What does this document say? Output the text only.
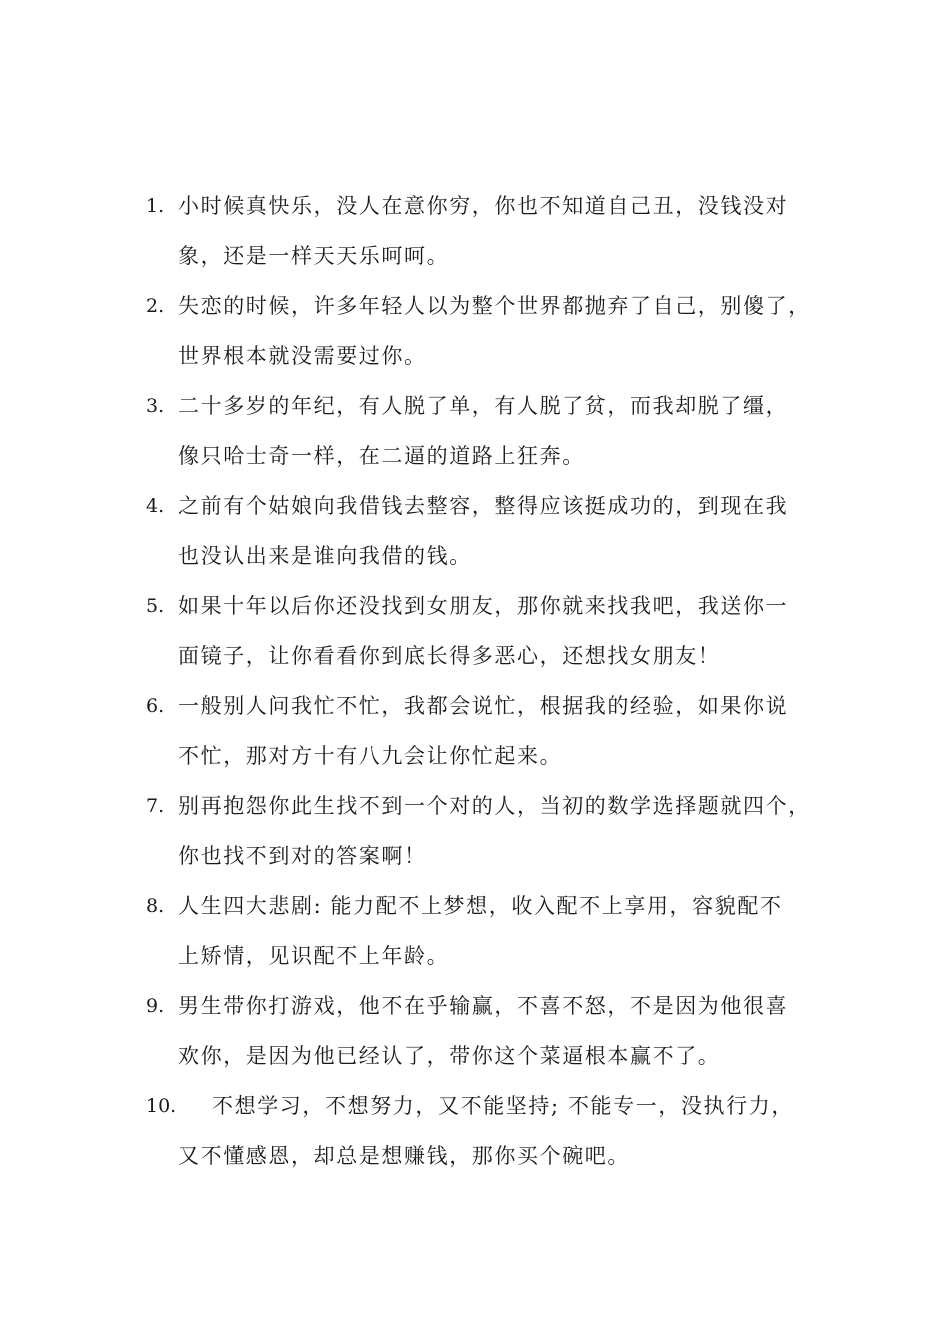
1. 小时候真快乐，没人在意你穷，你也不知道自己丑，没钱没对
象，还是一样天天乐呵呵。
2. 失恋的时候，许多年轻人以为整个世界都抛弃了自己，别傻了，
世界根本就没需要过你。
3. 二十多岁的年纪，有人脱了单，有人脱了贫，而我却脱了缰，
像只哈士奇一样，在二逼的道路上狂奔。
4. 之前有个姑娘向我借钱去整容，整得应该挺成功的，到现在我
也没认出来是谁向我借的钱。
5. 如果十年以后你还没找到女朋友，那你就来找我吧，我送你一
面镜子，让你看看你到底长得多恶心，还想找女朋友！
6. 一般别人问我忙不忙，我都会说忙，根据我的经验，如果你说
不忙，那对方十有八九会让你忙起来。
7. 别再抱怨你此生找不到一个对的人，当初的数学选择题就四个，
你也找不到对的答案啊！
8. 人生四大悲剧: 能力配不上梦想，收入配不上享用，容貌配不
上矫情，见识配不上年龄。
9. 男生带你打游戏，他不在乎输赢，不喜不怒，不是因为他很喜
欢你，是因为他已经认了，带你这个菜逼根本赢不了。
10. 不想学习，不想努力，又不能坚持; 不能专一，没执行力，
又不懂感恩，却总是想赚钱，那你买个碗吧。
